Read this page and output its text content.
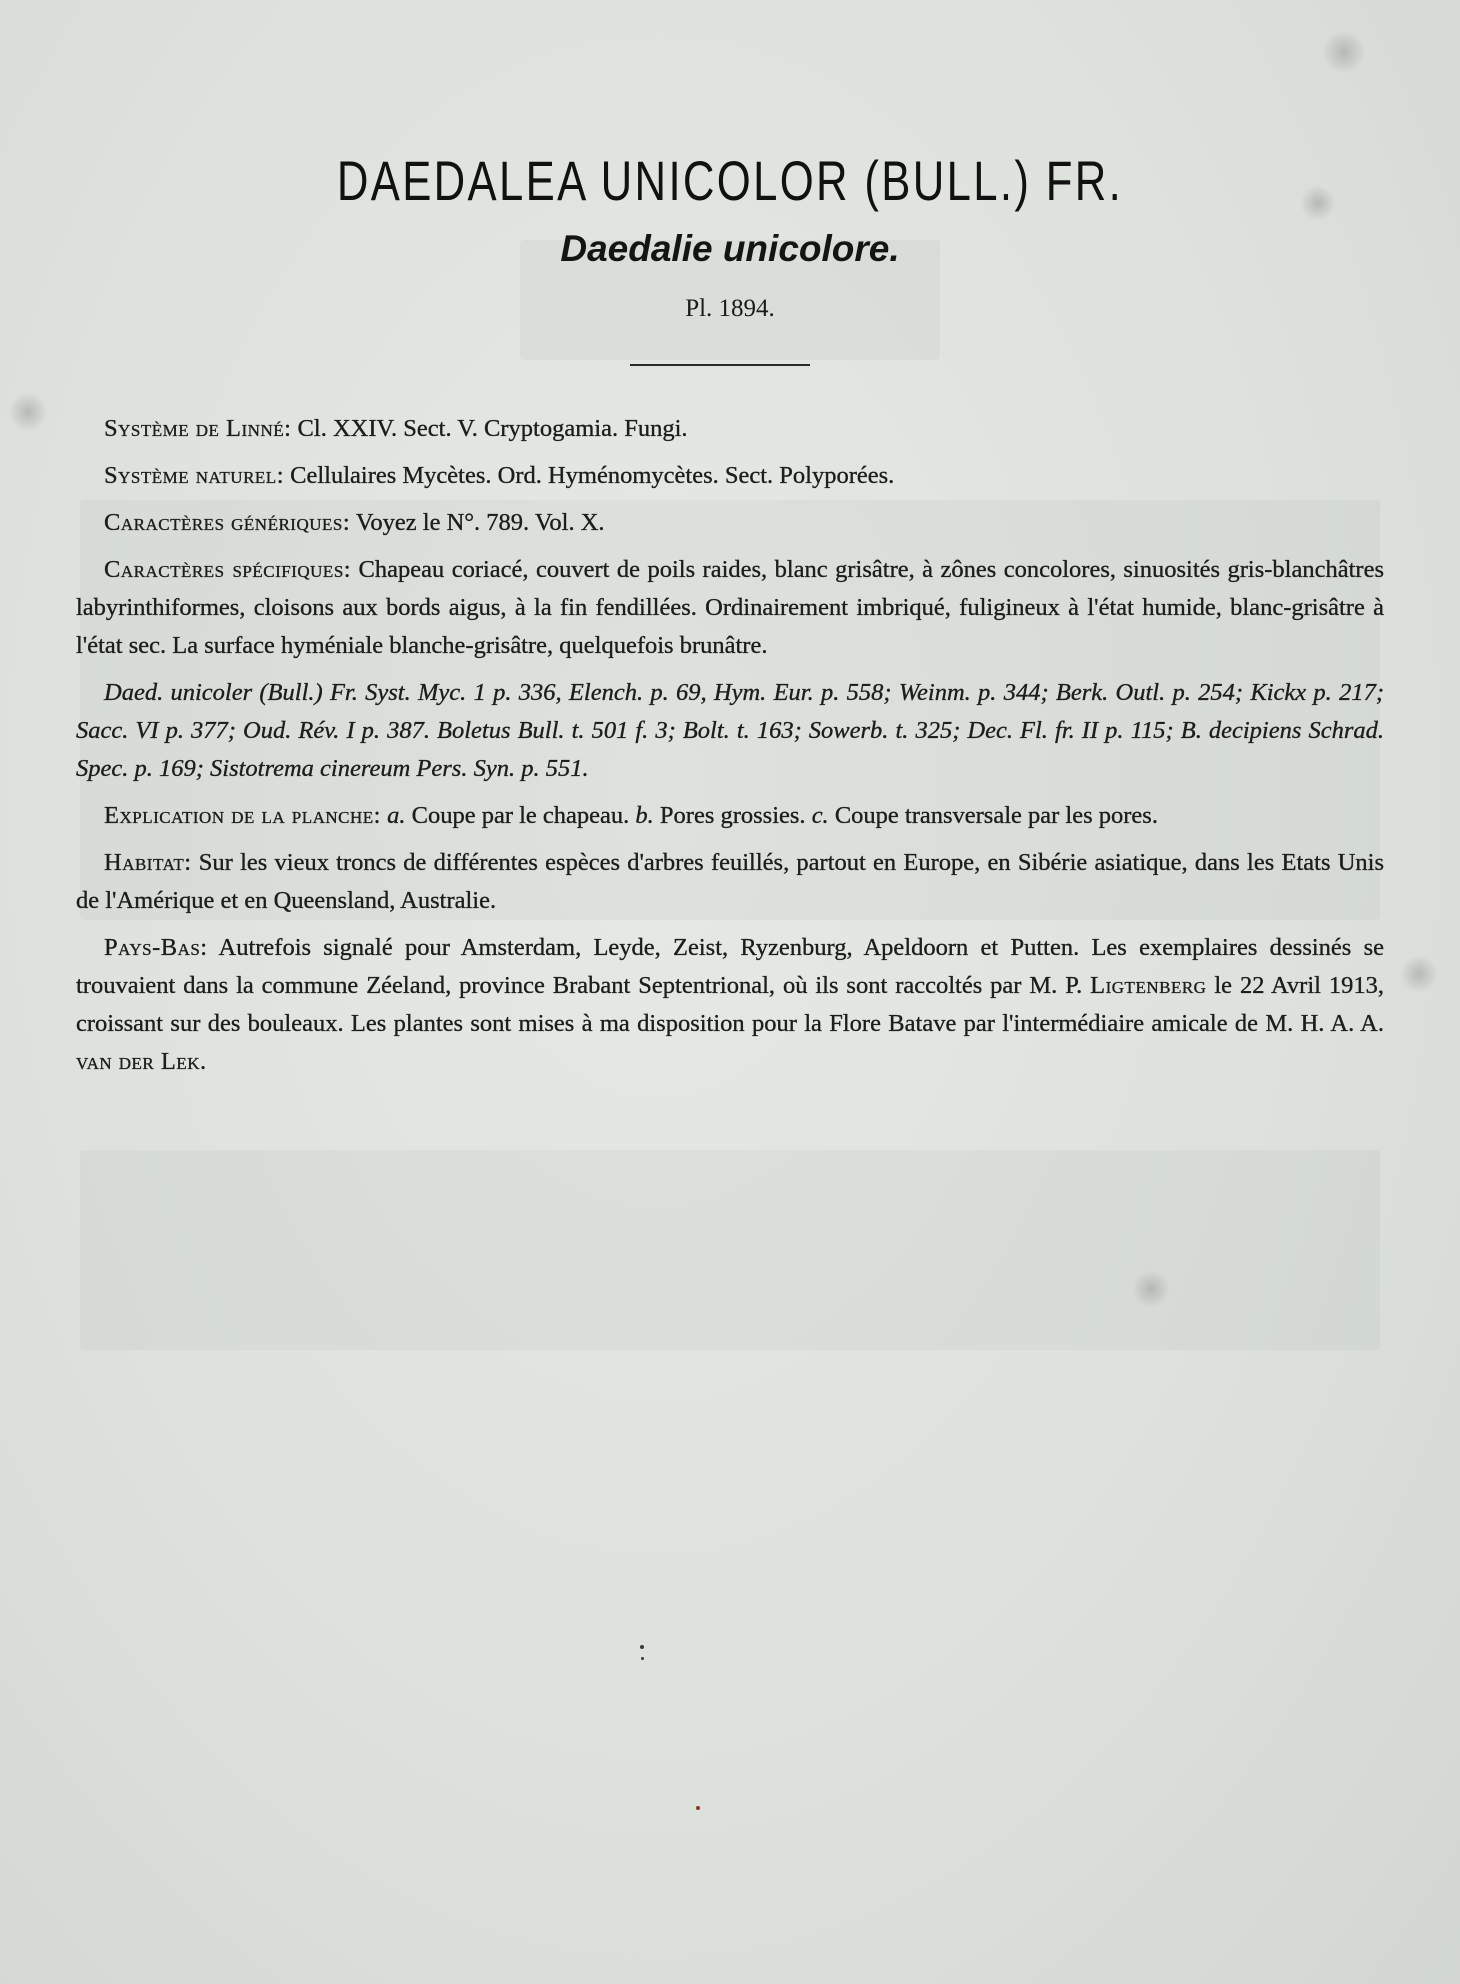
DAEDALEA UNICOLOR (BULL.) FR.
Daedalie unicolore.
Pl. 1894.

Système de Linné: Cl. XXIV. Sect. V. Cryptogamia. Fungi.

Système naturel: Cellulaires Mycètes. Ord. Hyménomycètes. Sect. Polyporées.

Caractères génériques: Voyez le N°. 789. Vol. X.

Caractères spécifiques: Chapeau coriacé, couvert de poils raides, blanc grisâtre, à zônes concolores, sinuosités gris-blanchâtres labyrinthiformes, cloisons aux bords aigus, à la fin fendillées. Ordinairement imbriqué, fuligineux à l'état humide, blanc-grisâtre à l'état sec. La surface hyméniale blanche-grisâtre, quelquefois brunâtre.

Daed. unicoler (Bull.) Fr. Syst. Myc. 1 p. 336, Elench. p. 69, Hym. Eur. p. 558; Weinm. p. 344; Berk. Outl. p. 254; Kickx p. 217; Sacc. VI p. 377; Oud. Rév. I p. 387. Boletus Bull. t. 501 f. 3; Bolt. t. 163; Sowerb. t. 325; Dec. Fl. fr. II p. 115; B. decipiens Schrad. Spec. p. 169; Sistotrema cinereum Pers. Syn. p. 551.

Explication de la planche: a. Coupe par le chapeau. b. Pores grossies. c. Coupe transversale par les pores.

Habitat: Sur les vieux troncs de différentes espèces d'arbres feuillés, partout en Europe, en Sibérie asiatique, dans les Etats Unis de l'Amérique et en Queensland, Australie.

Pays-Bas: Autrefois signalé pour Amsterdam, Leyde, Zeist, Ryzenburg, Apeldoorn et Putten. Les exemplaires dessinés se trouvaient dans la commune Zéeland, province Brabant Septentrional, où ils sont raccoltés par M. P. Ligtenberg le 22 Avril 1913, croissant sur des bouleaux. Les plantes sont mises à ma disposition pour la Flore Batave par l'intermédiaire amicale de M. H. A. A. van der Lek.
